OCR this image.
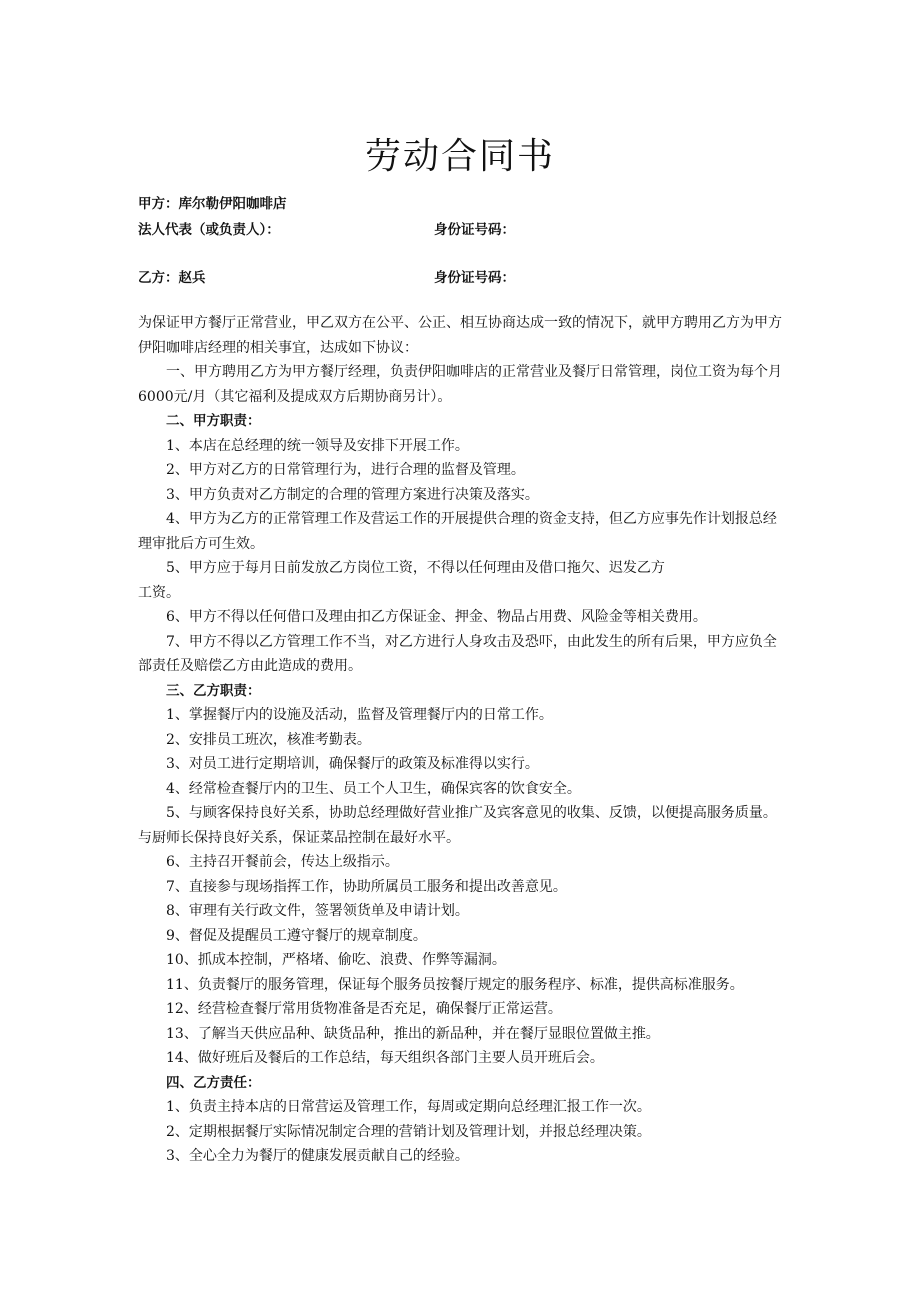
劳动合同书
甲方：库尔勒伊阳咖啡店
法人代表（或负责人）：	身份证号码：
乙方：赵兵	身份证号码：

为保证甲方餐厅正常营业，甲乙双方在公平、公正、相互协商达成一致的情况下，就甲方聘用乙方为甲方伊阳咖啡店经理的相关事宜，达成如下协议：

一、甲方聘用乙方为甲方餐厅经理，负责伊阳咖啡店的正常营业及餐厅日常管理，岗位工资为每个月6000元/月（其它福利及提成双方后期协商另计）。

二、甲方职责：

1、本店在总经理的统一领导及安排下开展工作。

2、甲方对乙方的日常管理行为，进行合理的监督及管理。

3、甲方负责对乙方制定的合理的管理方案进行决策及落实。

4、甲方为乙方的正常管理工作及营运工作的开展提供合理的资金支持，但乙方应事先作计划报总经理审批后方可生效。

5、甲方应于每月日前发放乙方岗位工资，不得以任何理由及借口拖欠、迟发乙方

工资。

6、甲方不得以任何借口及理由扣乙方保证金、押金、物品占用费、风险金等相关费用。

7、甲方不得以乙方管理工作不当，对乙方进行人身攻击及恐吓，由此发生的所有后果，甲方应负全部责任及赔偿乙方由此造成的费用。

三、乙方职责：

1、掌握餐厅内的设施及活动，监督及管理餐厅内的日常工作。

2、安排员工班次，核准考勤表。

3、对员工进行定期培训，确保餐厅的政策及标准得以实行。

4、经常检查餐厅内的卫生、员工个人卫生，确保宾客的饮食安全。

5、与顾客保持良好关系，协助总经理做好营业推广及宾客意见的收集、反馈，以便提高服务质量。与厨师长保持良好关系，保证菜品控制在最好水平。

6、主持召开餐前会，传达上级指示。

7、直接参与现场指挥工作，协助所属员工服务和提出改善意见。

8、审理有关行政文件，签署领货单及申请计划。

9、督促及提醒员工遵守餐厅的规章制度。

10、抓成本控制，严格堵、偷吃、浪费、作弊等漏洞。

11、负责餐厅的服务管理，保证每个服务员按餐厅规定的服务程序、标准，提供高标准服务。

12、经营检查餐厅常用货物准备是否充足，确保餐厅正常运营。

13、了解当天供应品种、缺货品种，推出的新品种，并在餐厅显眼位置做主推。

14、做好班后及餐后的工作总结，每天组织各部门主要人员开班后会。

四、乙方责任：

1、负责主持本店的日常营运及管理工作，每周或定期向总经理汇报工作一次。

2、定期根据餐厅实际情况制定合理的营销计划及管理计划，并报总经理决策。

3、全心全力为餐厅的健康发展贡献自己的经验。
